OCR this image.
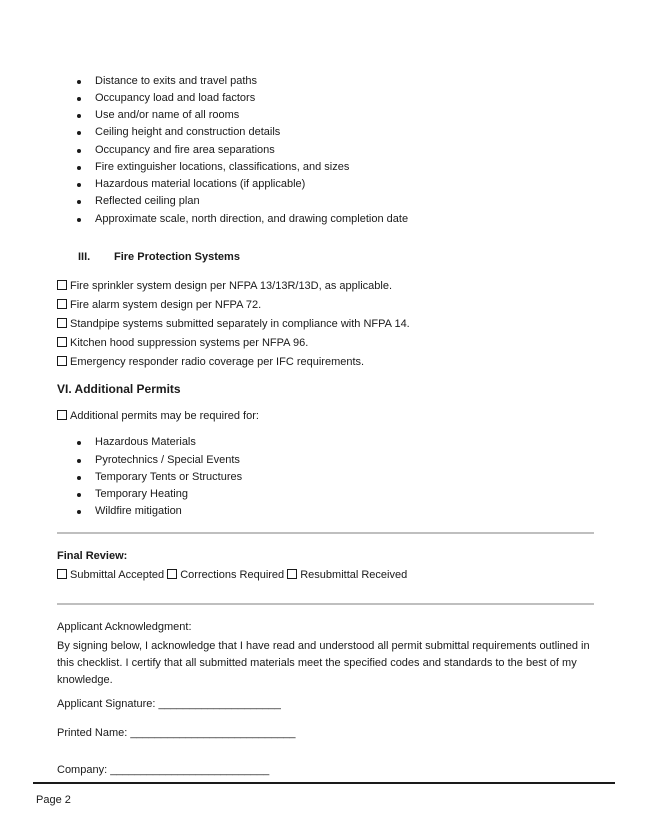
Distance to exits and travel paths
Occupancy load and load factors
Use and/or name of all rooms
Ceiling height and construction details
Occupancy and fire area separations
Fire extinguisher locations, classifications, and sizes
Hazardous material locations (if applicable)
Reflected ceiling plan
Approximate scale, north direction, and drawing completion date
III. Fire Protection Systems
Fire sprinkler system design per NFPA 13/13R/13D, as applicable.
Fire alarm system design per NFPA 72.
Standpipe systems submitted separately in compliance with NFPA 14.
Kitchen hood suppression systems per NFPA 96.
Emergency responder radio coverage per IFC requirements.
VI. Additional Permits
Additional permits may be required for:
Hazardous Materials
Pyrotechnics / Special Events
Temporary Tents or Structures
Temporary Heating
Wildfire mitigation
Final Review:
Submittal Accepted Corrections Required Resubmittal Received
Applicant Acknowledgment:
By signing below, I acknowledge that I have read and understood all permit submittal requirements outlined in this checklist. I certify that all submitted materials meet the specified codes and standards to the best of my knowledge.
Applicant Signature: ____________________
Printed Name: ___________________________
Company: __________________________
Page 2
